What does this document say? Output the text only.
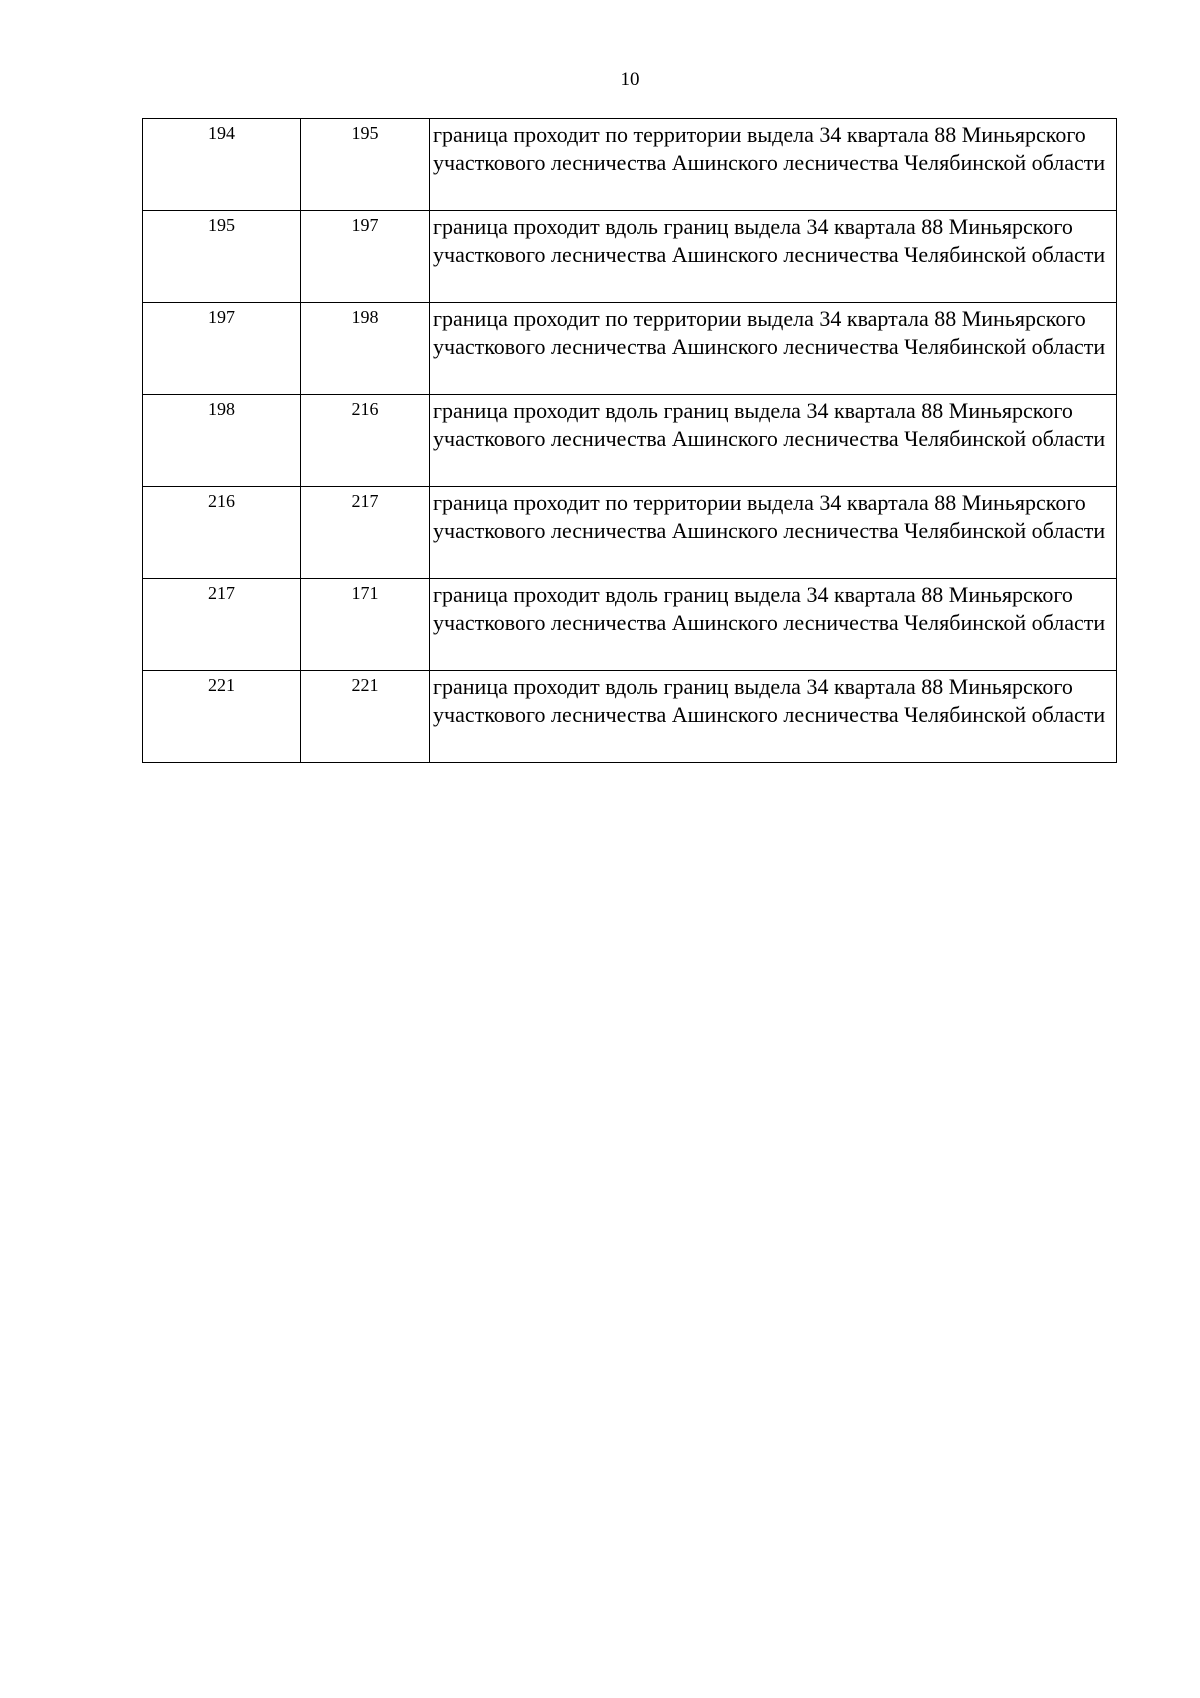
10
194	195	граница проходит по территории выдела 34 квартала 88 Миньярского участкового лесничества Ашинского лесничества Челябинской области
195	197	граница проходит вдоль границ выдела 34 квартала 88 Миньярского участкового лесничества Ашинского лесничества Челябинской области
197	198	граница проходит по территории выдела 34 квартала 88 Миньярского участкового лесничества Ашинского лесничества Челябинской области
198	216	граница проходит вдоль границ выдела 34 квартала 88 Миньярского участкового лесничества Ашинского лесничества Челябинской области
216	217	граница проходит по территории выдела 34 квартала 88 Миньярского участкового лесничества Ашинского лесничества Челябинской области
217	171	граница проходит вдоль границ выдела 34 квартала 88 Миньярского участкового лесничества Ашинского лесничества Челябинской области
221	221	граница проходит вдоль границ выдела 34 квартала 88 Миньярского участкового лесничества Ашинского лесничества Челябинской области
